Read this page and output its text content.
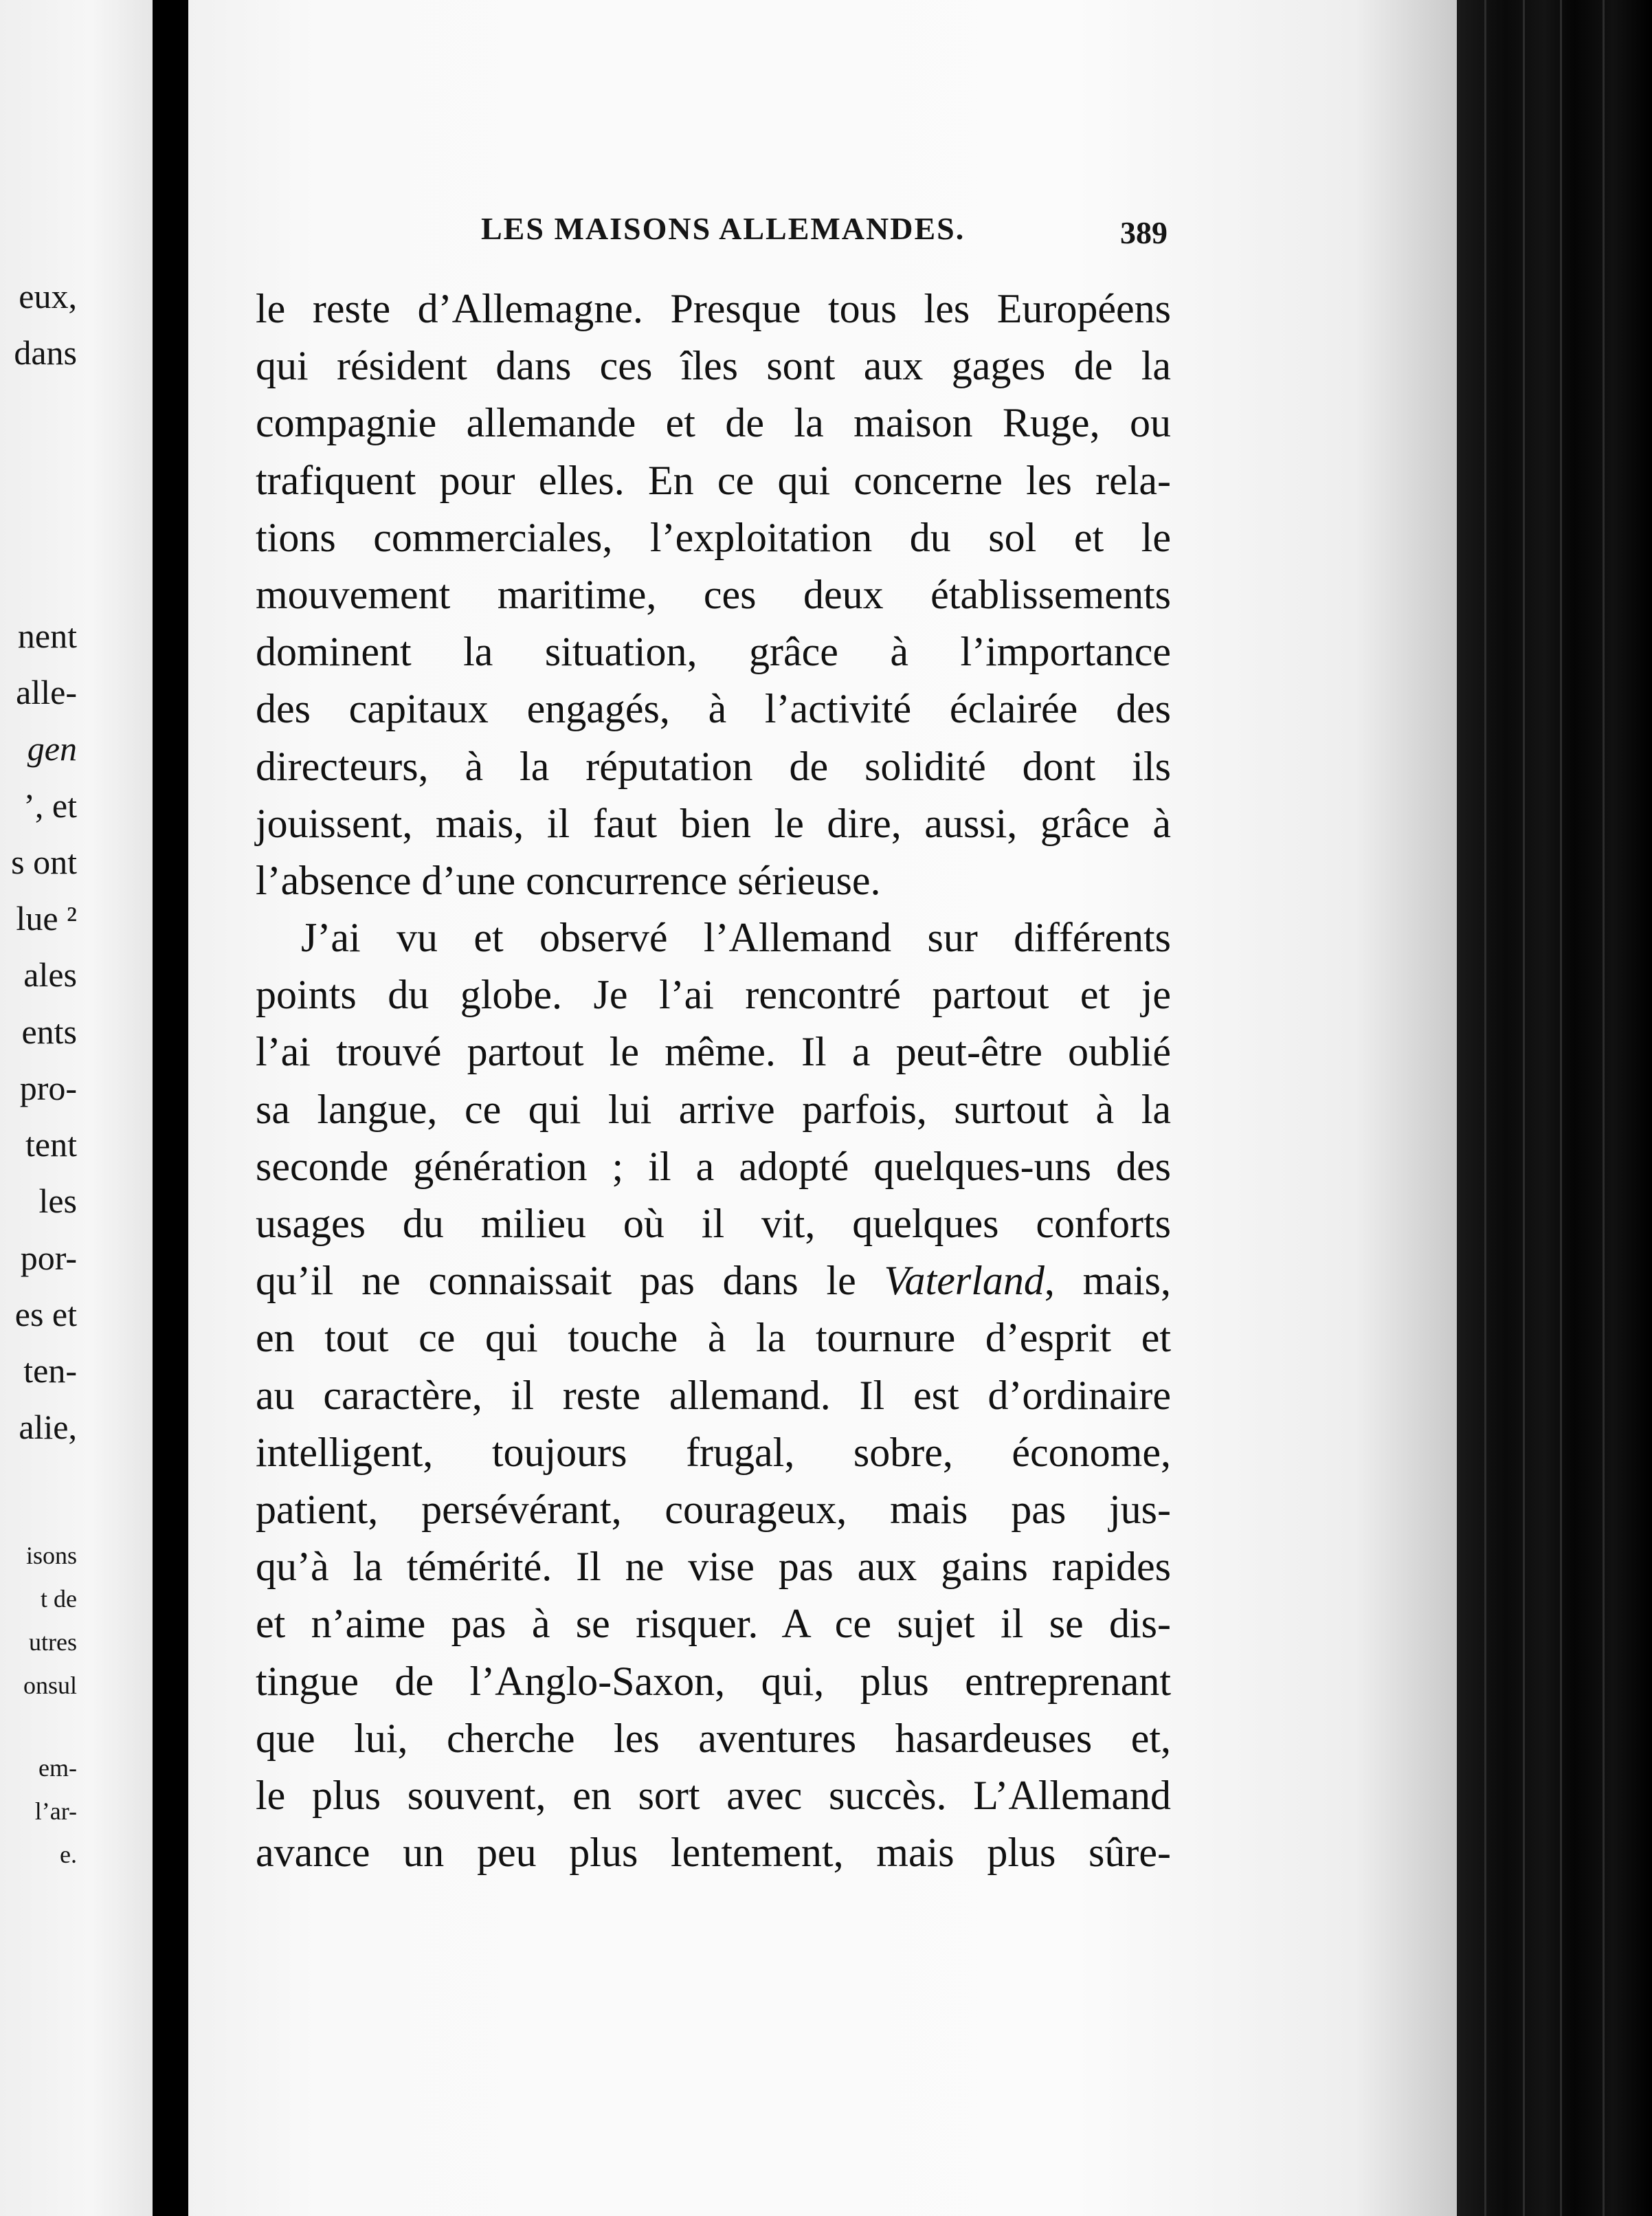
eux,

dans

nent

alle-

gen

’, et

s ont

lue ²

ales

ents

pro-

tent

les

por-

es et

ten-

alie,

isons

t de

utres

onsul

em-

l’ar-

e.

LES MAISONS ALLEMANDES.	389

le reste d’Allemagne. Presque tous les Européens
qui résident dans ces îles sont aux gages de la
compagnie allemande et de la maison Ruge, ou
trafiquent pour elles. En ce qui concerne les rela-
tions commerciales, l’exploitation du sol et le
mouvement maritime, ces deux établissements
dominent la situation, grâce à l’importance
des capitaux engagés, à l’activité éclairée des
directeurs, à la réputation de solidité dont ils
jouissent, mais, il faut bien le dire, aussi, grâce à
l’absence d’une concurrence sérieuse.
J’ai vu et observé l’Allemand sur différents
points du globe. Je l’ai rencontré partout et je
l’ai trouvé partout le même. Il a peut-être oublié
sa langue, ce qui lui arrive parfois, surtout à la
seconde génération ; il a adopté quelques-uns des
usages du milieu où il vit, quelques conforts
qu’il ne connaissait pas dans le Vaterland, mais,
en tout ce qui touche à la tournure d’esprit et
au caractère, il reste allemand. Il est d’ordinaire
intelligent, toujours frugal, sobre, économe,
patient, persévérant, courageux, mais pas jus-
qu’à la témérité. Il ne vise pas aux gains rapides
et n’aime pas à se risquer. A ce sujet il se dis-
tingue de l’Anglo-Saxon, qui, plus entreprenant
que lui, cherche les aventures hasardeuses et,
le plus souvent, en sort avec succès. L’Allemand
avance un peu plus lentement, mais plus sûre-
